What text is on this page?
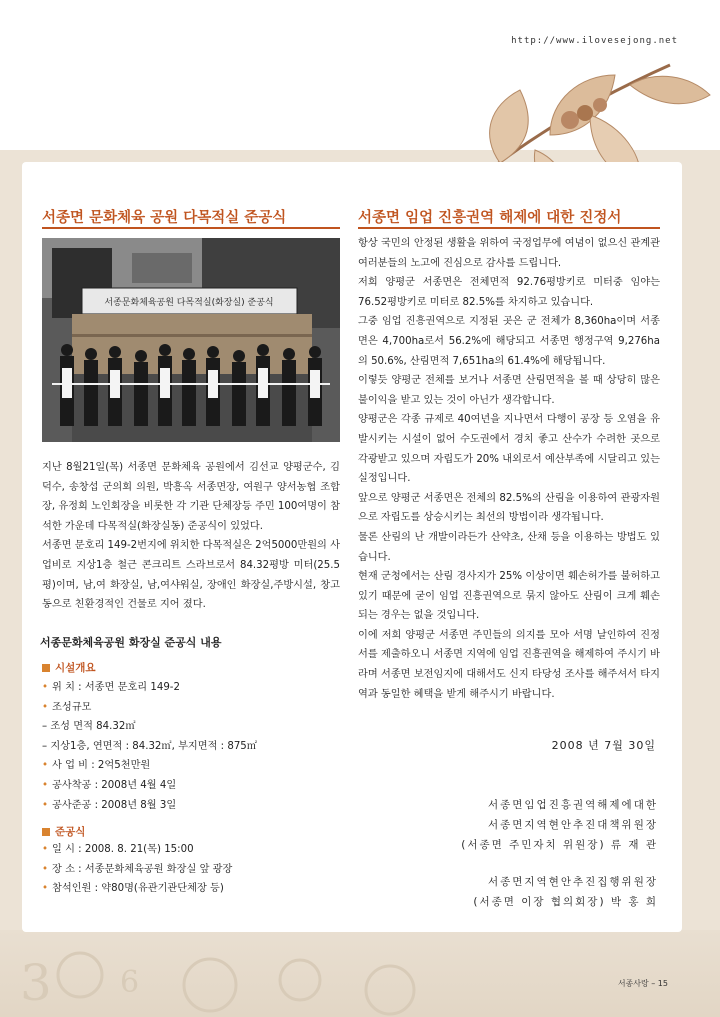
3 6
http://www.ilovesejong.net
서종면 문화체육 공원 다목적실 준공식
서종문화체육공원 다목적실(화장실) 준공식

지난 8월21일(목) 서종면 문화체육 공원에서 김선교 양평군수, 김덕수, 송창섭 군의회 의원, 박흥옥 서종면장, 여원구 양서농협 조합장, 유정희 노인회장을 비롯한 각 기관 단체장등 주민 100여명이 참석한 가운데 다목적실(화장실동) 준공식이 있었다.

서종면 문호리 149-2번지에 위치한 다목적실은 2억5000만원의 사업비로 지상1층 철근 콘크리트 스라브로서 84.32평방 미터(25.5평)이며, 남,여 화장실, 남,여샤워실, 장애인 화장실,주방시설, 창고동으로 친환경적인 건물로 지어 졌다.

서종문화체육공원 화장실 준공식 내용
시설개요
• 위 치 : 서종면 문호리 149-2
• 조성규모
– 조성 면적 84.32㎡
– 지상1층, 연면적 : 84.32㎡, 부지면적 : 875㎡
• 사 업 비 : 2억5천만원
• 공사착공 : 2008년 4월 4일
• 공사준공 : 2008년 8월 3일
준공식
• 일 시 : 2008. 8. 21(목) 15:00
• 장 소 : 서종문화체육공원 화장실 앞 광장
• 참석인원 : 약80명(유관기관단체장 등)
서종면 임업 진흥권역 해제에 대한 진정서

항상 국민의 안정된 생활을 위하여 국정업무에 여념이 없으신 관계관 여러분들의 노고에 진심으로 감사를 드립니다.

저희 양평군 서종면은 전체면적 92.76평방키로 미터중 임야는 76.52평방키로 미터로 82.5%를 차지하고 있습니다.

그중 임업 진흥권역으로 지정된 곳은 군 전체가 8,360ha이며 서종면은 4,700ha로서 56.2%에 해당되고 서종면 행정구역 9,276ha의 50.6%, 산림면적 7,651ha의 61.4%에 해당됩니다.

이렇듯 양평군 전체를 보거나 서종면 산림면적을 볼 때 상당히 많은 불이익을 받고 있는 것이 아닌가 생각합니다.

양평군은 각종 규제로 40여년을 지나면서 다행이 공장 등 오염을 유발시키는 시설이 없어 수도권에서 경치 좋고 산수가 수려한 곳으로 각광받고 있으며 자립도가 20% 내외로서 예산부족에 시달리고 있는 실정입니다.

앞으로 양평군 서종면은 전체의 82.5%의 산림을 이용하여 관광자원으로 자립도를 상승시키는 최선의 방법이라 생각됩니다.

물론 산림의 난 개발이라든가 산약초, 산채 등을 이용하는 방법도 있습니다.

현재 군청에서는 산림 경사지가 25% 이상이면 훼손허가를 불허하고 있기 때문에 굳이 임업 진흥권역으로 묶지 않아도 산림이 크게 훼손되는 경우는 없을 것입니다.

이에 저희 양평군 서종면 주민들의 의지를 모아 서명 날인하여 진정서를 제출하오니 서종면 지역에 임업 진흥권역을 해제하여 주시기 바라며 서종면 보전임지에 대해서도 신지 타당성 조사를 해주셔서 타지역과 동일한 혜택을 받게 해주시기 바랍니다.

2008 년 7월 30일
서종면임업진흥권역해제에대한
서종면지역현안추진대책위원장
(서종면 주민자치 위원장) 류 재 관
서종면지역현안추진집행위원장
(서종면 이장 협의회장) 박 홍 희
서종사랑 – 15
